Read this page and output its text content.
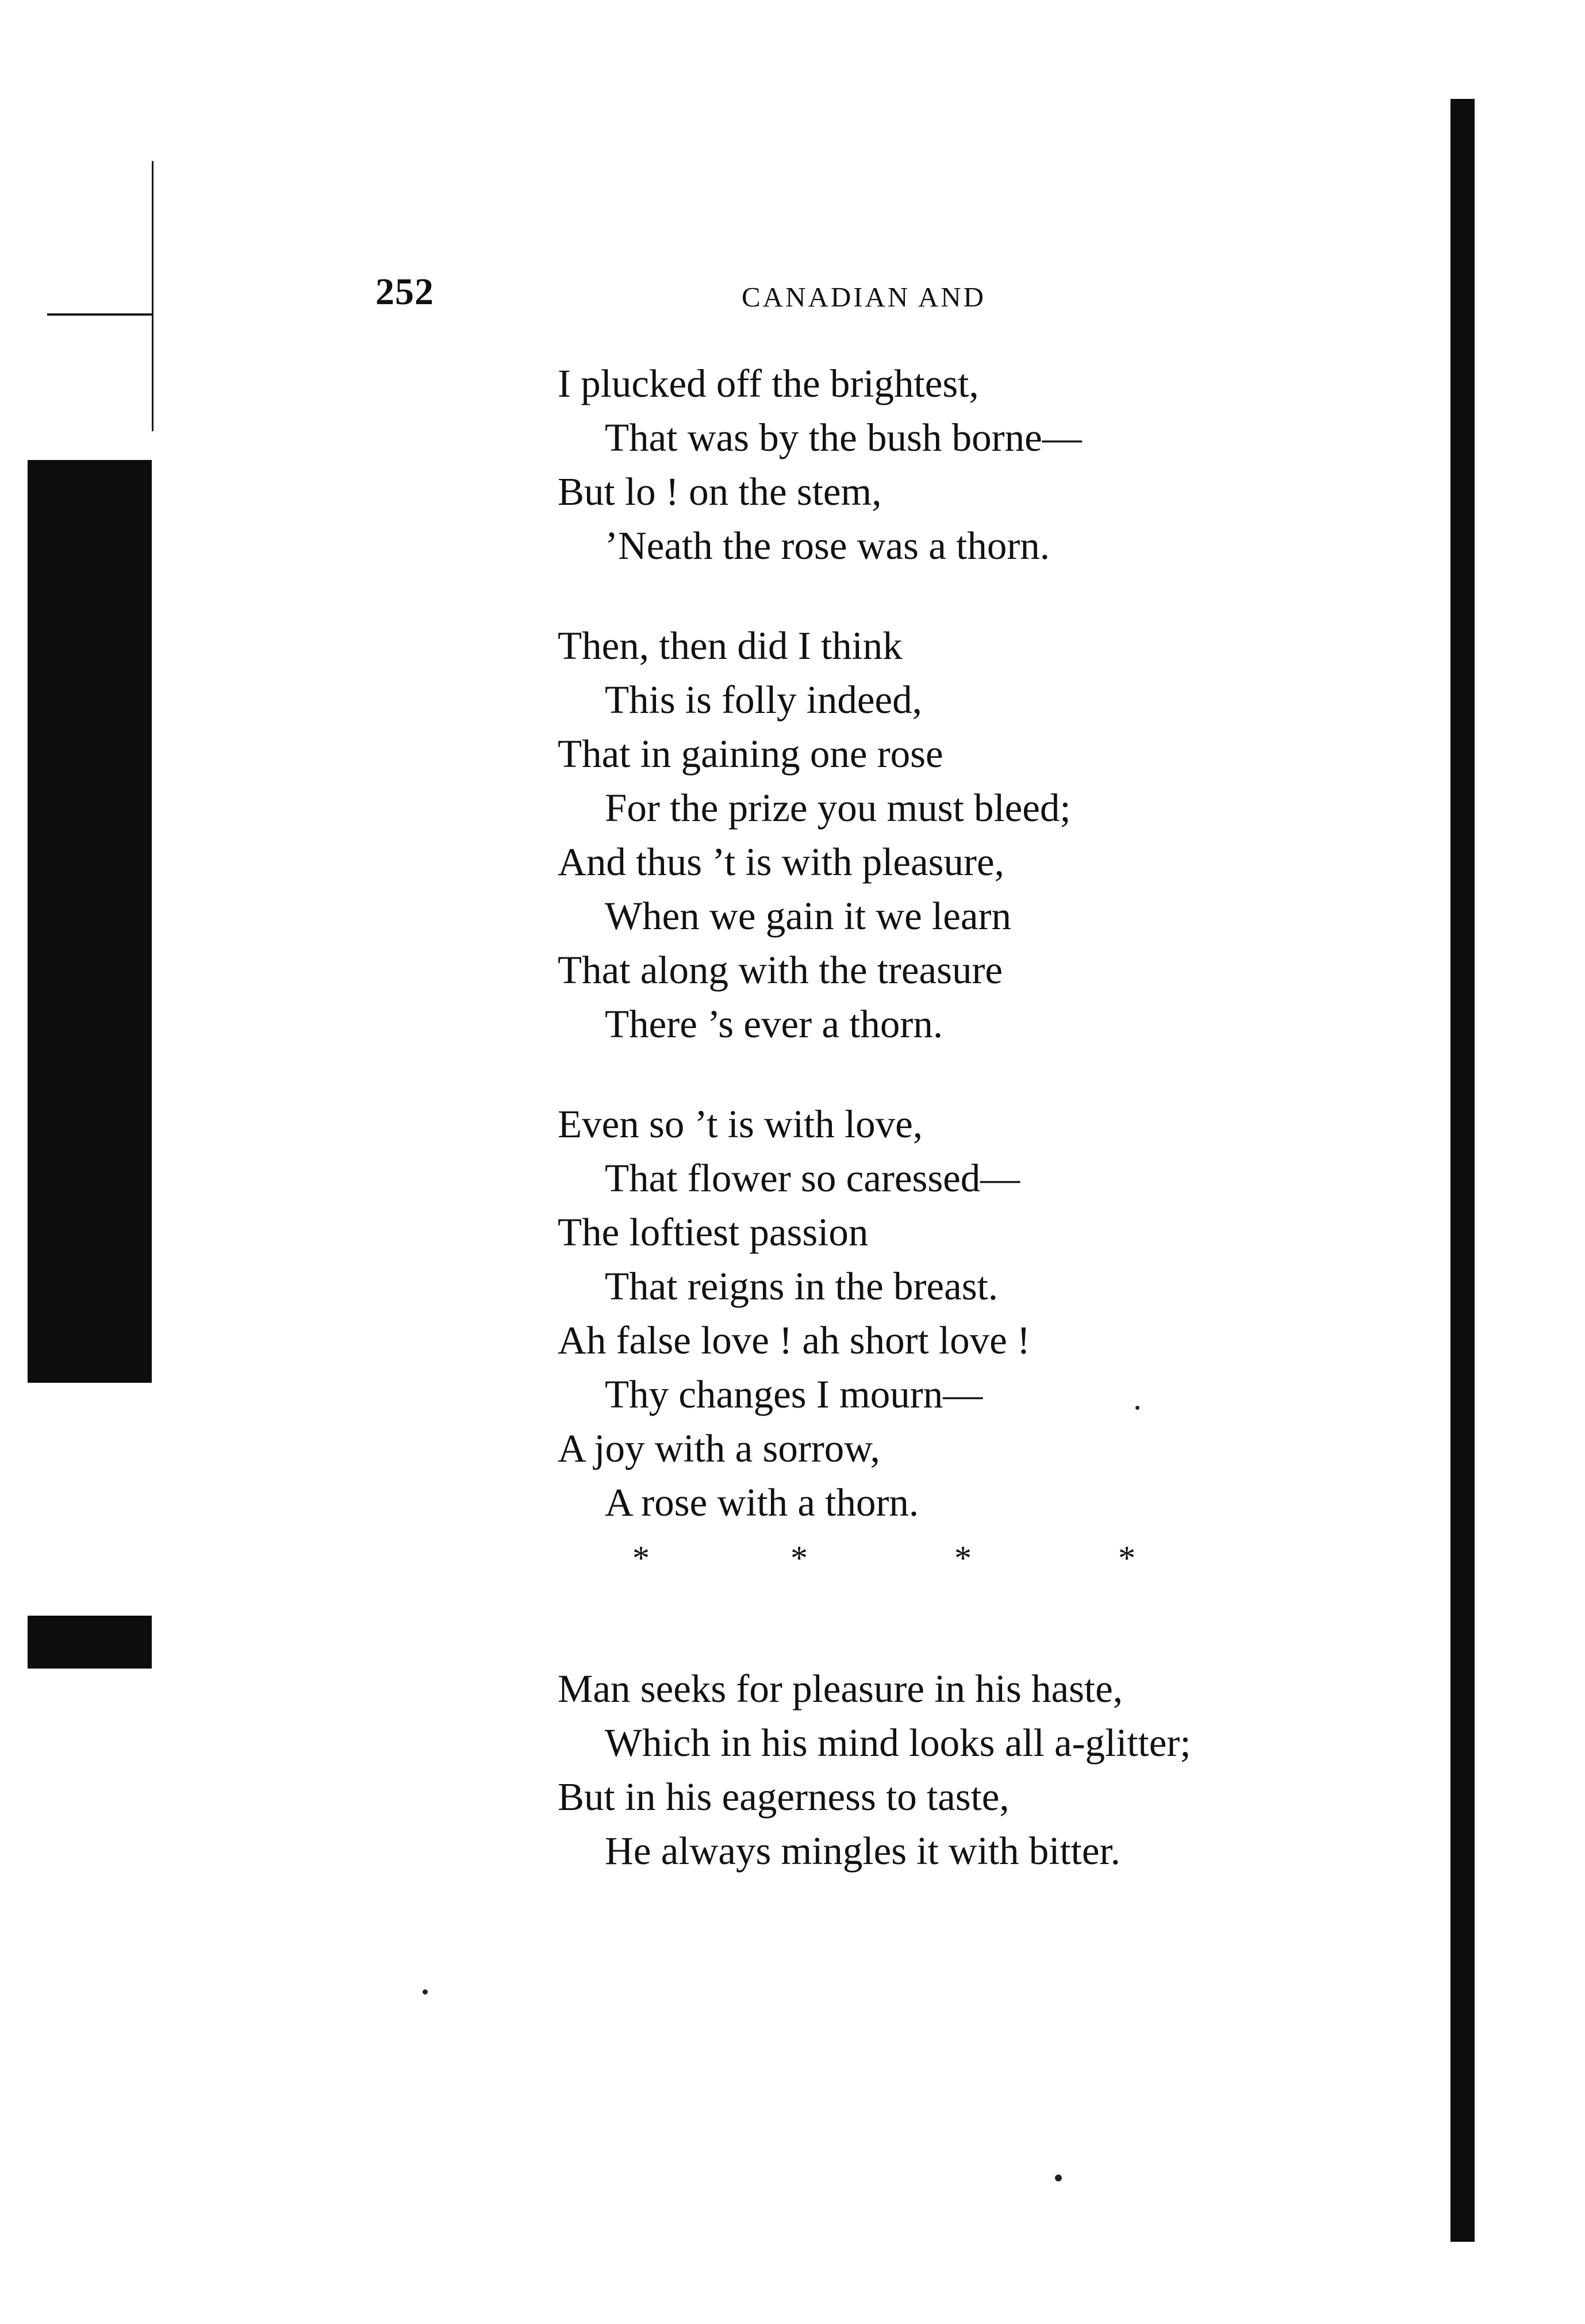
252	CANADIAN AND
I plucked off the brightest,
That was by the bush borne—
But lo ! on the stem,
’Neath the rose was a thorn.
Then, then did I think
This is folly indeed,
That in gaining one rose
For the prize you must bleed;
And thus ’t is with pleasure,
When we gain it we learn
That along with the treasure
There ’s ever a thorn.
Even so ’t is with love,
That flower so caressed—
The loftiest passion
That reigns in the breast.
Ah false love ! ah short love !
Thy changes I mourn—
A joy with a sorrow,
A rose with a thorn.
*	*	*	*
Man seeks for pleasure in his haste,
Which in his mind looks all a-glitter;
But in his eagerness to taste,
He always mingles it with bitter.
